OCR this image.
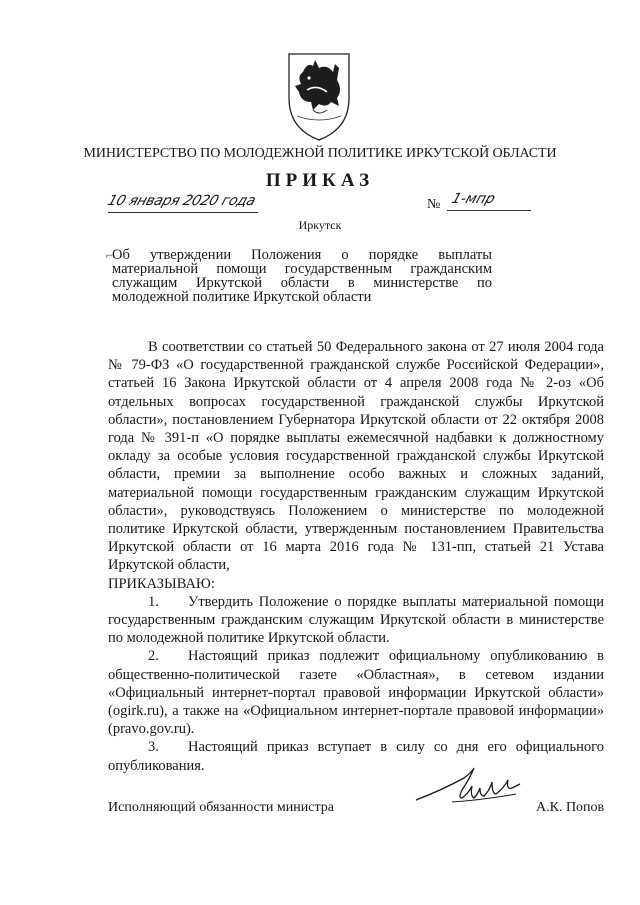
МИНИСТЕРСТВО ПО МОЛОДЕЖНОЙ ПОЛИТИКЕ ИРКУТСКОЙ ОБЛАСТИ
ПРИКАЗ
10 января 2020 года	№ 1-мпр
Иркутск
⌐ Об утверждении Положения о порядке выплаты материальной помощи государственным гражданским служащим Иркутской области в министерстве по молодежной политике Иркутской области

В соответствии со статьей 50 Федерального закона от 27 июля 2004 года № 79-ФЗ «О государственной гражданской службе Российской Федерации», статьей 16 Закона Иркутской области от 4 апреля 2008 года № 2-оз «Об отдельных вопросах государственной гражданской службы Иркутской области», постановлением Губернатора Иркутской области от 22 октября 2008 года № 391-п «О порядке выплаты ежемесячной надбавки к должностному окладу за особые условия государственной гражданской службы Иркутской области, премии за выполнение особо важных и сложных заданий, материальной помощи государственным гражданским служащим Иркутской области», руководствуясь Положением о министерстве по молодежной политике Иркутской области, утвержденным постановлением Правительства Иркутской области от 16 марта 2016 года № 131-пп, статьей 21 Устава Иркутской области,

ПРИКАЗЫВАЮ:

1. Утвердить Положение о порядке выплаты материальной помощи государственным гражданским служащим Иркутской области в министерстве по молодежной политике Иркутской области.

2. Настоящий приказ подлежит официальному опубликованию в общественно-политической газете «Областная», в сетевом издании «Официальный интернет-портал правовой информации Иркутской области» (ogirk.ru), а также на «Официальном интернет-портале правовой информации» (pravo.gov.ru).

3. Настоящий приказ вступает в силу со дня его официального опубликования.

Исполняющий обязанности министра	А.К. Попов
